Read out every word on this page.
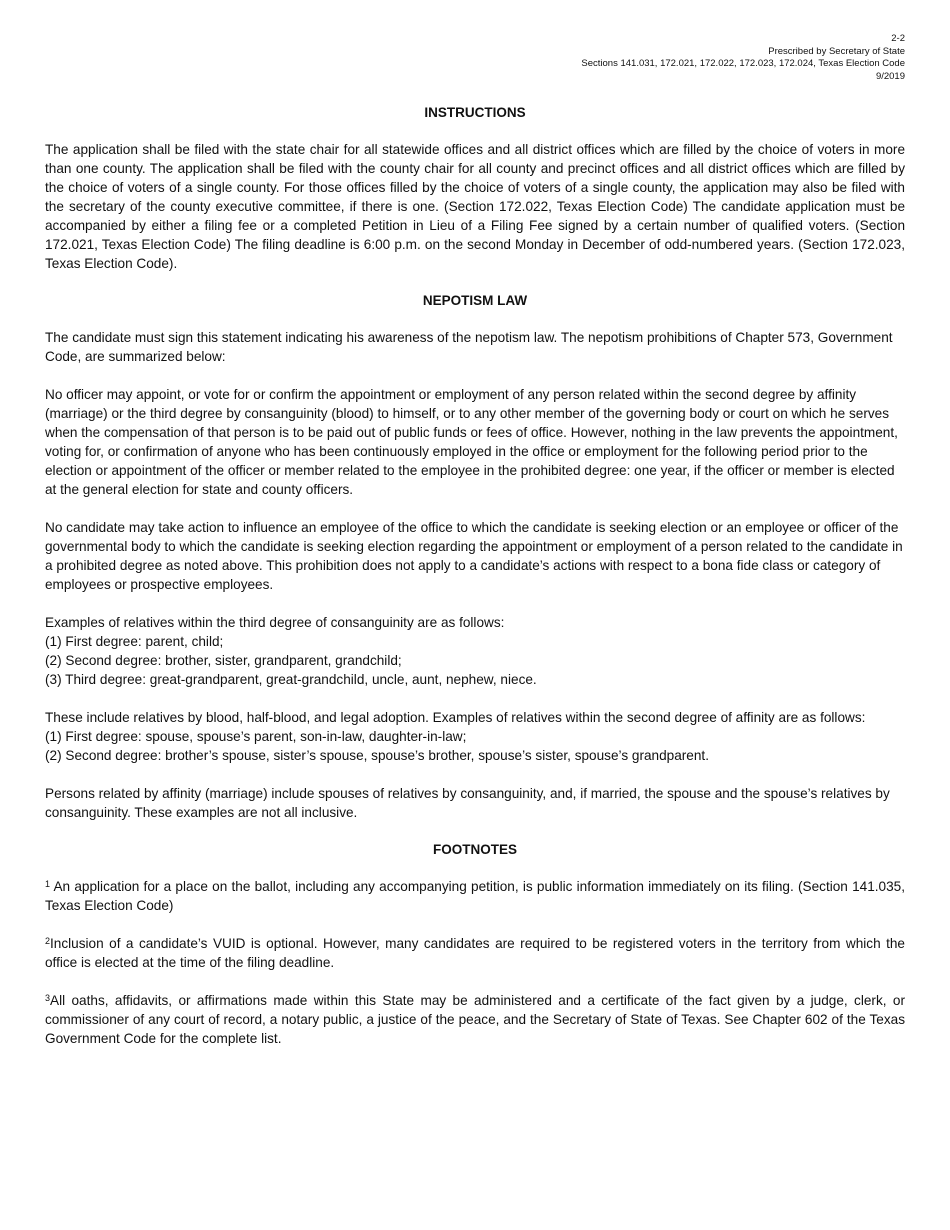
2-2
Prescribed by Secretary of State
Sections 141.031, 172.021, 172.022, 172.023, 172.024, Texas Election Code
9/2019
INSTRUCTIONS

The application shall be filed with the state chair for all statewide offices and all district offices which are filled by the choice of voters in more than one county. The application shall be filed with the county chair for all county and precinct offices and all district offices which are filled by the choice of voters of a single county. For those offices filled by the choice of voters of a single county, the application may also be filed with the secretary of the county executive committee, if there is one. (Section 172.022, Texas Election Code) The candidate application must be accompanied by either a filing fee or a completed Petition in Lieu of a Filing Fee signed by a certain number of qualified voters. (Section 172.021, Texas Election Code) The filing deadline is 6:00 p.m. on the second Monday in December of odd-numbered years. (Section 172.023, Texas Election Code).

NEPOTISM LAW

The candidate must sign this statement indicating his awareness of the nepotism law. The nepotism prohibitions of Chapter 573, Government Code, are summarized below:

No officer may appoint, or vote for or confirm the appointment or employment of any person related within the second degree by affinity (marriage) or the third degree by consanguinity (blood) to himself, or to any other member of the governing body or court on which he serves when the compensation of that person is to be paid out of public funds or fees of office. However, nothing in the law prevents the appointment, voting for, or confirmation of anyone who has been continuously employed in the office or employment for the following period prior to the election or appointment of the officer or member related to the employee in the prohibited degree: one year, if the officer or member is elected at the general election for state and county officers.

No candidate may take action to influence an employee of the office to which the candidate is seeking election or an employee or officer of the governmental body to which the candidate is seeking election regarding the appointment or employment of a person related to the candidate in a prohibited degree as noted above. This prohibition does not apply to a candidate’s actions with respect to a bona fide class or category of employees or prospective employees.

Examples of relatives within the third degree of consanguinity are as follows:
(1) First degree: parent, child;
(2) Second degree: brother, sister, grandparent, grandchild;
(3) Third degree: great-grandparent, great-grandchild, uncle, aunt, nephew, niece.
These include relatives by blood, half-blood, and legal adoption. Examples of relatives within the second degree of affinity are as follows:
(1) First degree: spouse, spouse’s parent, son-in-law, daughter-in-law;
(2) Second degree: brother’s spouse, sister’s spouse, spouse’s brother, spouse’s sister, spouse’s grandparent.

Persons related by affinity (marriage) include spouses of relatives by consanguinity, and, if married, the spouse and the spouse’s relatives by consanguinity. These examples are not all inclusive.

FOOTNOTES

$^1$ An application for a place on the ballot, including any accompanying petition, is public information immediately on its filing. (Section 141.035, Texas Election Code)

$^2$Inclusion of a candidate’s VUID is optional. However, many candidates are required to be registered voters in the territory from which the office is elected at the time of the filing deadline.

$^3$All oaths, affidavits, or affirmations made within this State may be administered and a certificate of the fact given by a judge, clerk, or commissioner of any court of record, a notary public, a justice of the peace, and the Secretary of State of Texas. See Chapter 602 of the Texas Government Code for the complete list.
